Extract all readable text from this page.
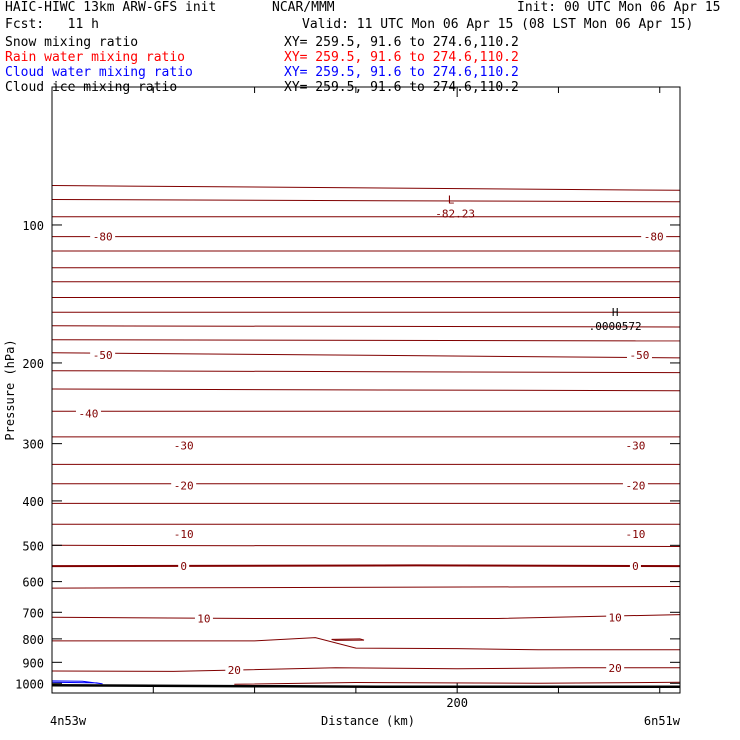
HAIC-HIWC 13km ARW-GFS init	NCAR/MMM	Init: 00 UTC Mon 06 Apr 15
Fcst:   11 h	Valid: 11 UTC Mon 06 Apr 15 (08 LST Mon 06 Apr 15)
Snow mixing ratio	XY= 259.5, 91.6 to 274.6,110.2
Rain water mixing ratio	XY= 259.5, 91.6 to 274.6,110.2
Cloud water mixing ratio	XY= 259.5, 91.6 to 274.6,110.2
Cloud ice mixing ratio	XY= 259.5, 91.6 to 274.6,110.2
-80	-80
-50	-50
-40
-30	-30
-20	-20
-10	-10
0	0
10	10
20	20
L
-82.23
H
.0000572
100
200
300
400
500
600
700
800
900
1000
200
Pressure (hPa)
Distance (km)
4n53w	6n51w
